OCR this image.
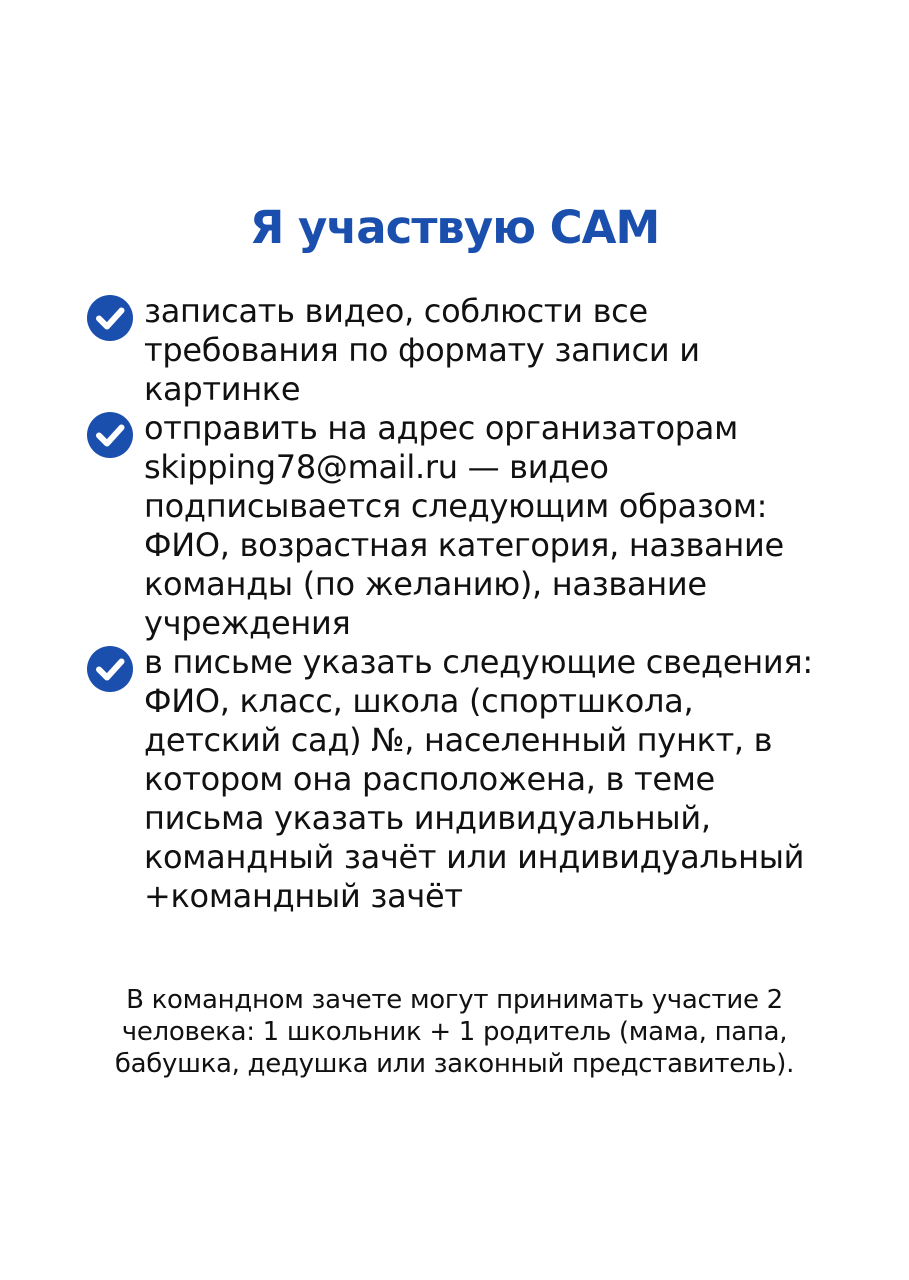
Я участвую САМ
записать видео, соблюсти все требования по формату записи и картинке
отправить на адрес организаторам skipping78@mail.ru — видео подписывается следующим образом: ФИО, возрастная категория, название команды (по желанию), название учреждения
в письме указать следующие сведения: ФИО, класс, школа (спортшкола, детский сад) №, населенный пункт, в котором она расположена, в теме письма указать индивидуальный, командный зачёт или индивидуальный +командный зачёт

В командном зачете могут принимать участие 2 человека: 1 школьник + 1 родитель (мама, папа, бабушка, дедушка или законный представитель).
